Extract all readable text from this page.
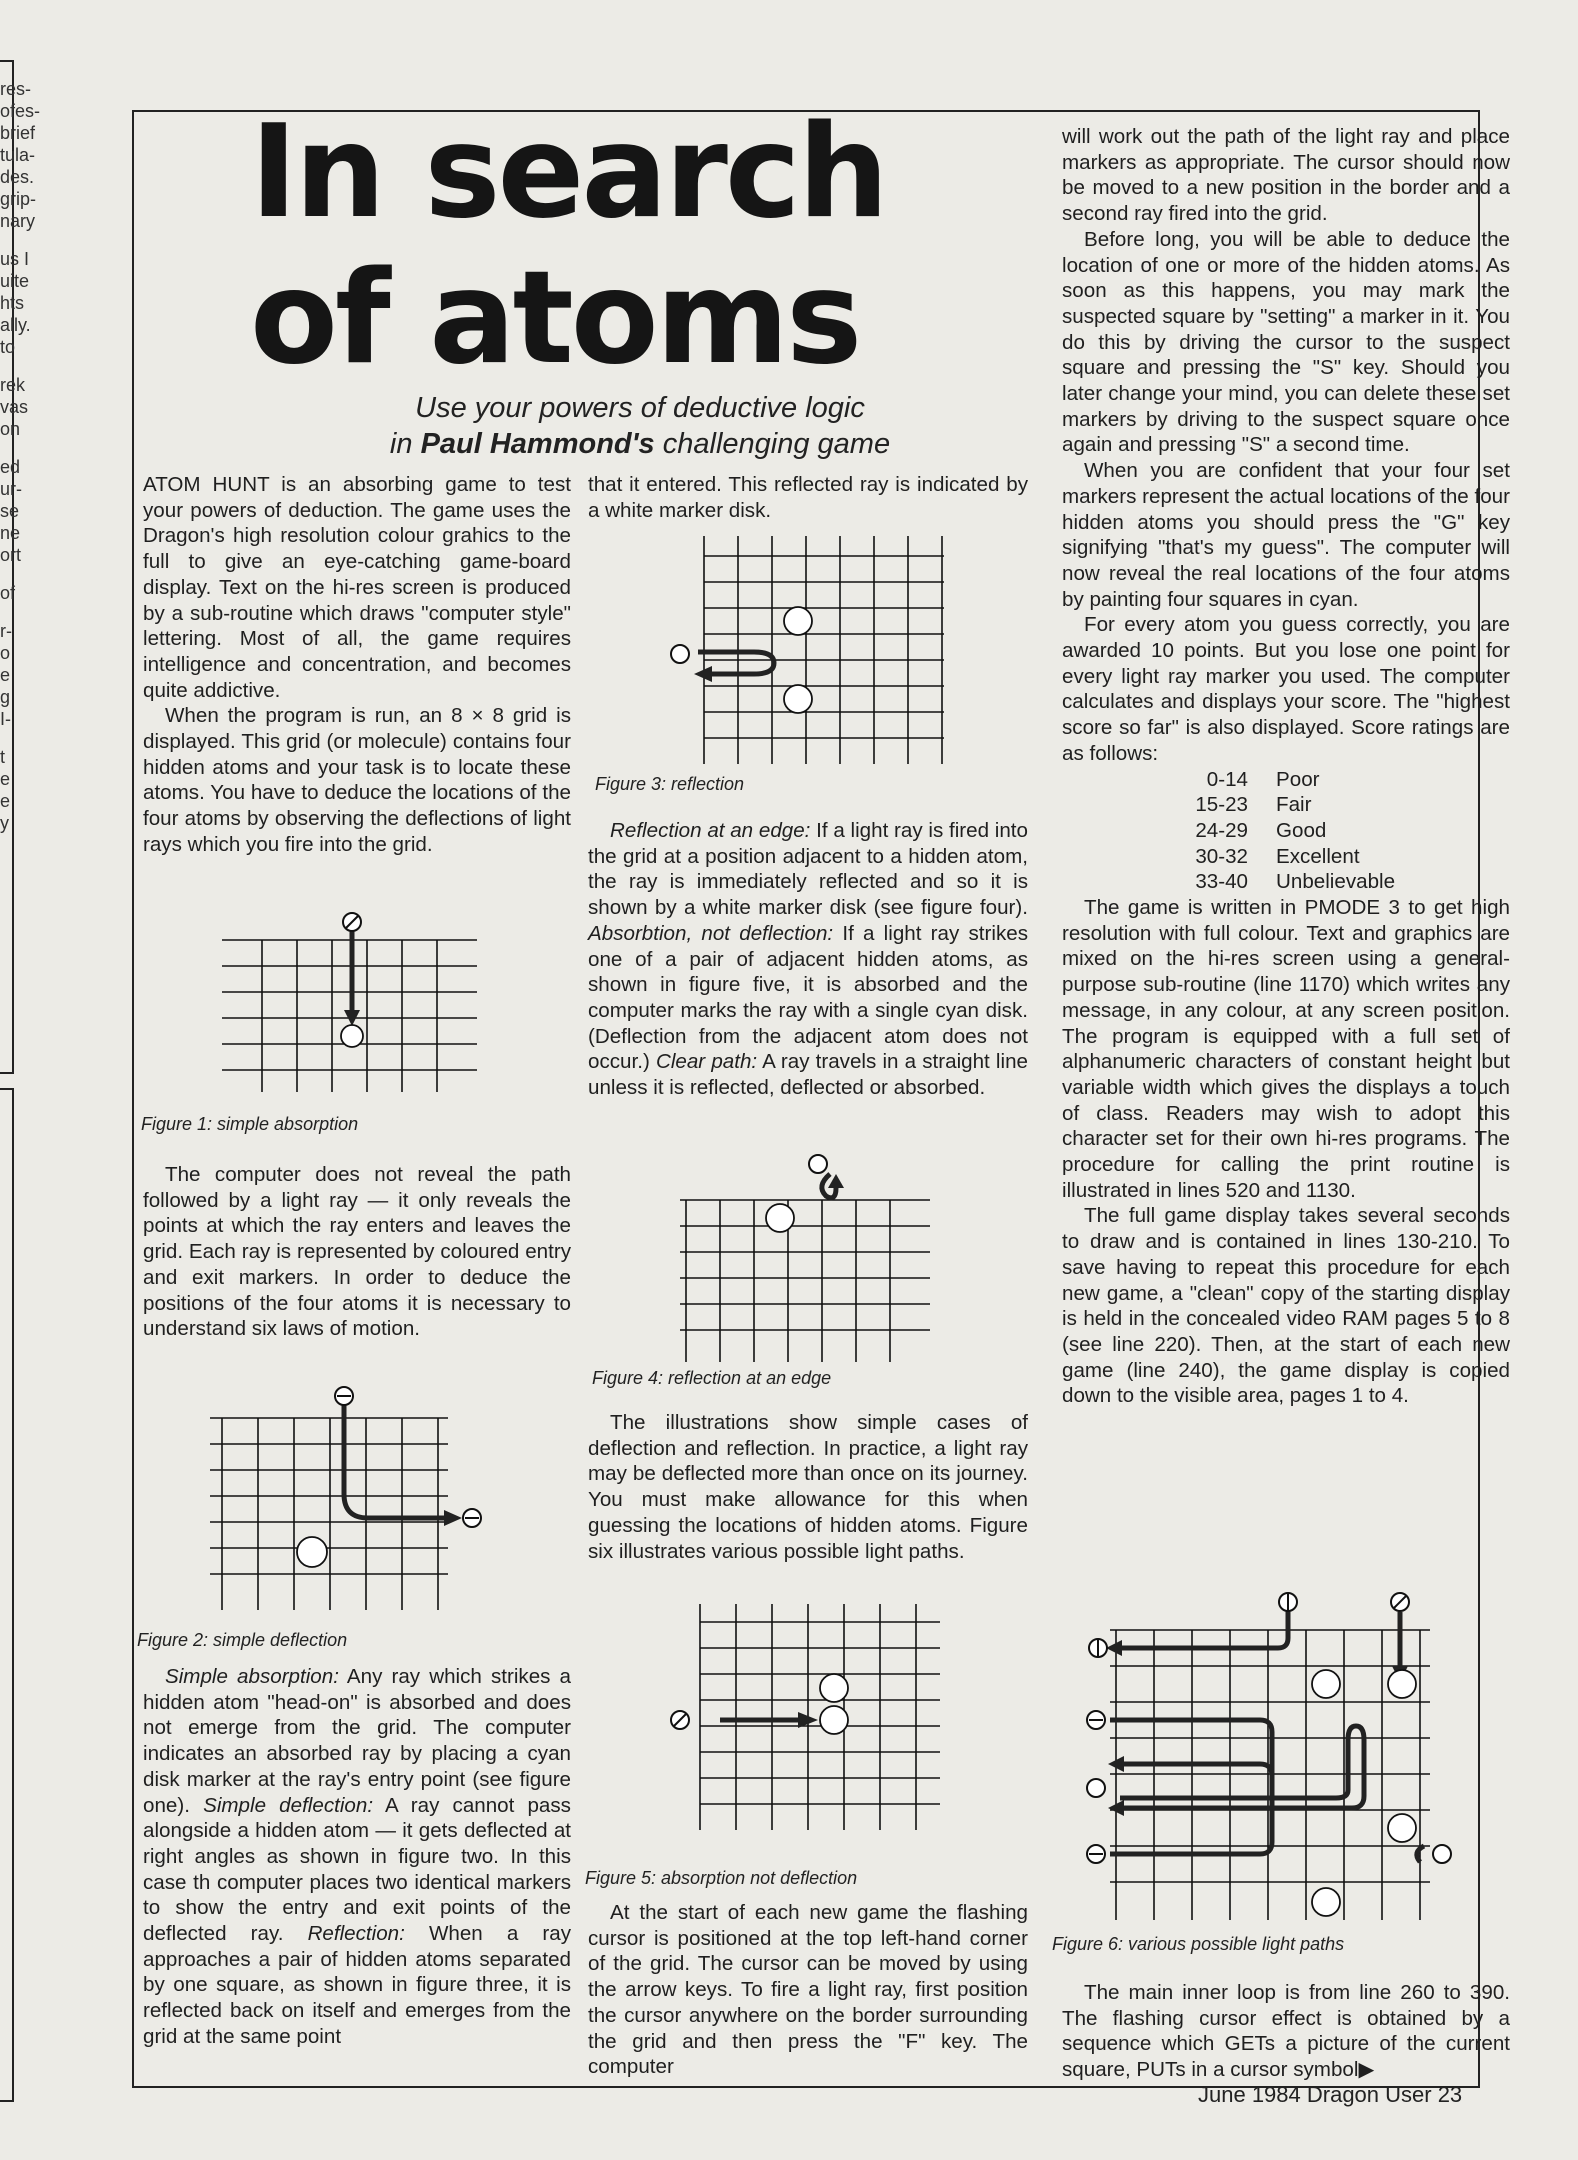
res-
ofes-
brief
tula-
des.
grip-
nary
us I
uite
hts
ally.
to
rek
vas
on
ed
ur-
se
ne
ort
of
r-
o
e
g
I-
t
e
e
y
In search
of atoms
Use your powers of deductive logic
in Paul Hammond's challenging game

ATOM HUNT is an absorbing game to test your powers of deduction. The game uses the Dragon's high resolution colour grahics to the full to give an eye-catching game-board display. Text on the hi-res screen is produced by a sub-routine which draws "computer style" lettering. Most of all, the game requires intelligence and concentration, and becomes quite addictive.

When the program is run, an 8 × 8 grid is displayed. This grid (or molecule) contains four hidden atoms and your task is to locate these atoms. You have to deduce the locations of the four atoms by observing the deflections of light rays which you fire into the grid.

Figure 1: simple absorption

The computer does not reveal the path followed by a light ray — it only reveals the points at which the ray enters and leaves the grid. Each ray is represented by coloured entry and exit markers. In order to deduce the positions of the four atoms it is necessary to understand six laws of motion.

Figure 2: simple deflection

Simple absorption: Any ray which strikes a hidden atom "head-on" is absorbed and does not emerge from the grid. The computer indicates an absorbed ray by placing a cyan disk marker at the ray's entry point (see figure one). Simple deflection: A ray cannot pass alongside a hidden atom — it gets deflected at right angles as shown in figure two. In this case th computer places two identical markers to show the entry and exit points of the deflected ray. Reflection: When a ray approaches a pair of hidden atoms separated by one square, as shown in figure three, it is reflected back on itself and emerges from the grid at the same point

that it entered. This reflected ray is indicated by a white marker disk.

Figure 3: reflection

Reflection at an edge: If a light ray is fired into the grid at a position adjacent to a hidden atom, the ray is immediately reflected and so it is shown by a white marker disk (see figure four). Absorbtion, not deflection: If a light ray strikes one of a pair of adjacent hidden atoms, as shown in figure five, it is absorbed and the computer marks the ray with a single cyan disk. (Deflection from the adjacent atom does not occur.) Clear path: A ray travels in a straight line unless it is reflected, deflected or absorbed.

Figure 4: reflection at an edge

The illustrations show simple cases of deflection and reflection. In practice, a light ray may be deflected more than once on its journey. You must make allowance for this when guessing the locations of hidden atoms. Figure six illustrates various possible light paths.

Figure 5: absorption not deflection

At the start of each new game the flashing cursor is positioned at the top left-hand corner of the grid. The cursor can be moved by using the arrow keys. To fire a light ray, first position the cursor anywhere on the border surrounding the grid and then press the "F" key. The computer

will work out the path of the light ray and place markers as appropriate. The cursor should now be moved to a new position in the border and a second ray fired into the grid.

Before long, you will be able to deduce the location of one or more of the hidden atoms. As soon as this happens, you may mark the suspected square by "setting" a marker in it. You do this by driving the cursor to the suspect square and pressing the "S" key. Should you later change your mind, you can delete these set markers by driving to the suspect square once again and pressing "S" a second time.

When you are confident that your four set markers represent the actual locations of the four hidden atoms you should press the "G" key signifying "that's my guess". The computer will now reveal the real locations of the four atoms by painting four squares in cyan.

For every atom you guess correctly, you are awarded 10 points. But you lose one point for every light ray marker you used. The computer calculates and displays your score. The "highest score so far" is also displayed. Score ratings are as follows:

0-14 Poor
15-23 Fair
24-29 Good
30-32 Excellent
33-40 Unbelievable

The game is written in PMODE 3 to get high resolution with full colour. Text and graphics are mixed on the hi-res screen using a general-purpose sub-routine (line 1170) which writes any message, in any colour, at any screen position. The program is equipped with a full set of alphanumeric characters of constant height but variable width which gives the displays a touch of class. Readers may wish to adopt this character set for their own hi-res programs. The procedure for calling the print routine is illustrated in lines 520 and 1130.

The full game display takes several seconds to draw and is contained in lines 130-210. To save having to repeat this procedure for each new game, a "clean" copy of the starting display is held in the concealed video RAM pages 5 to 8 (see line 220). Then, at the start of each new game (line 240), the game display is copied down to the visible area, pages 1 to 4.

Figure 6: various possible light paths

The main inner loop is from line 260 to 390. The flashing cursor effect is obtained by a sequence which GETs a picture of the current square, PUTs in a cursor symbol▶

June 1984 Dragon User 23
